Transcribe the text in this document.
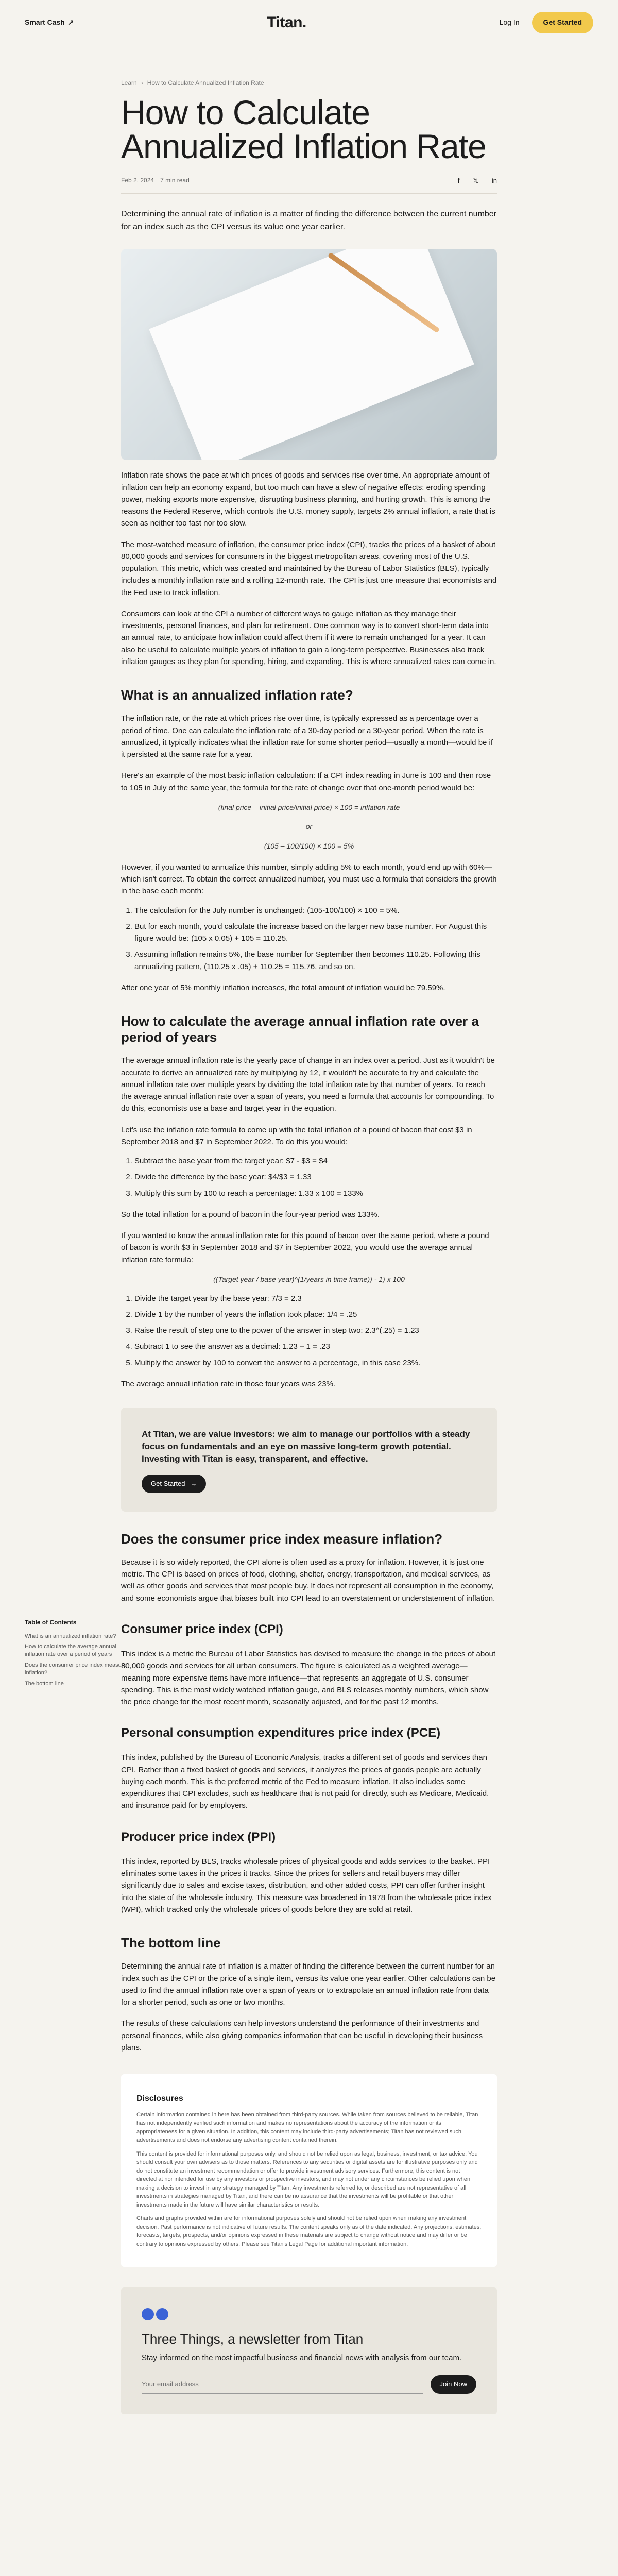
Smart Cash ↗	Titan.	Log In	Get Started
Table of Contents
What is an annualized inflation rate?
How to calculate the average annual inflation rate over a period of years
Does the consumer price index measure inflation?
The bottom line
Learn › How to Calculate Annualized Inflation Rate
How to Calculate Annualized Inflation Rate
Feb 2, 2024 7 min read	f 𝕏 in

Determining the annual rate of inflation is a matter of finding the difference between the current number for an index such as the CPI versus its value one year earlier.

Inflation rate shows the pace at which prices of goods and services rise over time. An appropriate amount of inflation can help an economy expand, but too much can have a slew of negative effects: eroding spending power, making exports more expensive, disrupting business planning, and hurting growth. This is among the reasons the Federal Reserve, which controls the U.S. money supply, targets 2% annual inflation, a rate that is seen as neither too fast nor too slow.

The most-watched measure of inflation, the consumer price index (CPI), tracks the prices of a basket of about 80,000 goods and services for consumers in the biggest metropolitan areas, covering most of the U.S. population. This metric, which was created and maintained by the Bureau of Labor Statistics (BLS), typically includes a monthly inflation rate and a rolling 12-month rate. The CPI is just one measure that economists and the Fed use to track inflation.

Consumers can look at the CPI a number of different ways to gauge inflation as they manage their investments, personal finances, and plan for retirement. One common way is to convert short-term data into an annual rate, to anticipate how inflation could affect them if it were to remain unchanged for a year. It can also be useful to calculate multiple years of inflation to gain a long-term perspective. Businesses also track inflation gauges as they plan for spending, hiring, and expanding. This is where annualized rates can come in.

What is an annualized inflation rate?

The inflation rate, or the rate at which prices rise over time, is typically expressed as a percentage over a period of time. One can calculate the inflation rate of a 30-day period or a 30-year period. When the rate is annualized, it typically indicates what the inflation rate for some shorter period—usually a month—would be if it persisted at the same rate for a year.

Here's an example of the most basic inflation calculation: If a CPI index reading in June is 100 and then rose to 105 in July of the same year, the formula for the rate of change over that one-month period would be:

(final price – initial price/initial price) × 100 = inflation rate
or
(105 – 100/100) × 100 = 5%

However, if you wanted to annualize this number, simply adding 5% to each month, you'd end up with 60%—which isn't correct. To obtain the correct annualized number, you must use a formula that considers the growth in the base each month:

1. The calculation for the July number is unchanged: (105-100/100) × 100 = 5%.
2. But for each month, you'd calculate the increase based on the larger new base number. For August this figure would be: (105 x 0.05) + 105 = 110.25.
3. Assuming inflation remains 5%, the base number for September then becomes 110.25. Following this annualizing pattern, (110.25 x .05) + 110.25 = 115.76, and so on.

After one year of 5% monthly inflation increases, the total amount of inflation would be 79.59%.

How to calculate the average annual inflation rate over a period of years

The average annual inflation rate is the yearly pace of change in an index over a period. Just as it wouldn't be accurate to derive an annualized rate by multiplying by 12, it wouldn't be accurate to try and calculate the annual inflation rate over multiple years by dividing the total inflation rate by that number of years. To reach the average annual inflation rate over a span of years, you need a formula that accounts for compounding. To do this, economists use a base and target year in the equation.

Let's use the inflation rate formula to come up with the total inflation of a pound of bacon that cost $3 in September 2018 and $7 in September 2022. To do this you would:

1. Subtract the base year from the target year: $7 - $3 = $4
2. Divide the difference by the base year: $4/$3 = 1.33
3. Multiply this sum by 100 to reach a percentage: 1.33 x 100 = 133%

So the total inflation for a pound of bacon in the four-year period was 133%.

If you wanted to know the annual inflation rate for this pound of bacon over the same period, where a pound of bacon is worth $3 in September 2018 and $7 in September 2022, you would use the average annual inflation rate formula:

((Target year / base year)^(1/years in time frame)) - 1) x 100
1. Divide the target year by the base year: 7/3 = 2.3
2. Divide 1 by the number of years the inflation took place: 1/4 = .25
3. Raise the result of step one to the power of the answer in step two: 2.3^(.25) = 1.23
4. Subtract 1 to see the answer as a decimal: 1.23 – 1 = .23
5. Multiply the answer by 100 to convert the answer to a percentage, in this case 23%.

The average annual inflation rate in those four years was 23%.

At Titan, we are value investors: we aim to manage our portfolios with a steady focus on fundamentals and an eye on massive long-term growth potential. Investing with Titan is easy, transparent, and effective.
Get Started →
Does the consumer price index measure inflation?

Because it is so widely reported, the CPI alone is often used as a proxy for inflation. However, it is just one metric. The CPI is based on prices of food, clothing, shelter, energy, transportation, and medical services, as well as other goods and services that most people buy. It does not represent all consumption in the economy, and some economists argue that biases built into CPI lead to an overstatement or understatement of inflation.

Consumer price index (CPI)

This index is a metric the Bureau of Labor Statistics has devised to measure the change in the prices of about 80,000 goods and services for all urban consumers. The figure is calculated as a weighted average—meaning more expensive items have more influence—that represents an aggregate of U.S. consumer spending. This is the most widely watched inflation gauge, and BLS releases monthly numbers, which show the price change for the most recent month, seasonally adjusted, and for the past 12 months.

Personal consumption expenditures price index (PCE)

This index, published by the Bureau of Economic Analysis, tracks a different set of goods and services than CPI. Rather than a fixed basket of goods and services, it analyzes the prices of goods people are actually buying each month. This is the preferred metric of the Fed to measure inflation. It also includes some expenditures that CPI excludes, such as healthcare that is not paid for directly, such as Medicare, Medicaid, and insurance paid for by employers.

Producer price index (PPI)

This index, reported by BLS, tracks wholesale prices of physical goods and adds services to the basket. PPI eliminates some taxes in the prices it tracks. Since the prices for sellers and retail buyers may differ significantly due to sales and excise taxes, distribution, and other added costs, PPI can offer further insight into the state of the wholesale industry. This measure was broadened in 1978 from the wholesale price index (WPI), which tracked only the wholesale prices of goods before they are sold at retail.

The bottom line

Determining the annual rate of inflation is a matter of finding the difference between the current number for an index such as the CPI or the price of a single item, versus its value one year earlier. Other calculations can be used to find the annual inflation rate over a span of years or to extrapolate an annual inflation rate from data for a shorter period, such as one or two months.

The results of these calculations can help investors understand the performance of their investments and personal finances, while also giving companies information that can be useful in developing their business plans.

Disclosures

Certain information contained in here has been obtained from third-party sources. While taken from sources believed to be reliable, Titan has not independently verified such information and makes no representations about the accuracy of the information or its appropriateness for a given situation. In addition, this content may include third-party advertisements; Titan has not reviewed such advertisements and does not endorse any advertising content contained therein.

This content is provided for informational purposes only, and should not be relied upon as legal, business, investment, or tax advice. You should consult your own advisers as to those matters. References to any securities or digital assets are for illustrative purposes only and do not constitute an investment recommendation or offer to provide investment advisory services. Furthermore, this content is not directed at nor intended for use by any investors or prospective investors, and may not under any circumstances be relied upon when making a decision to invest in any strategy managed by Titan. Any investments referred to, or described are not representative of all investments in strategies managed by Titan, and there can be no assurance that the investments will be profitable or that other investments made in the future will have similar characteristics or results.

Charts and graphs provided within are for informational purposes solely and should not be relied upon when making any investment decision. Past performance is not indicative of future results. The content speaks only as of the date indicated. Any projections, estimates, forecasts, targets, prospects, and/or opinions expressed in these materials are subject to change without notice and may differ or be contrary to opinions expressed by others. Please see Titan's Legal Page for additional important information.

Three Things, a newsletter from Titan
Stay informed on the most impactful business and financial news with analysis from our team.
Your email address
Join Now
